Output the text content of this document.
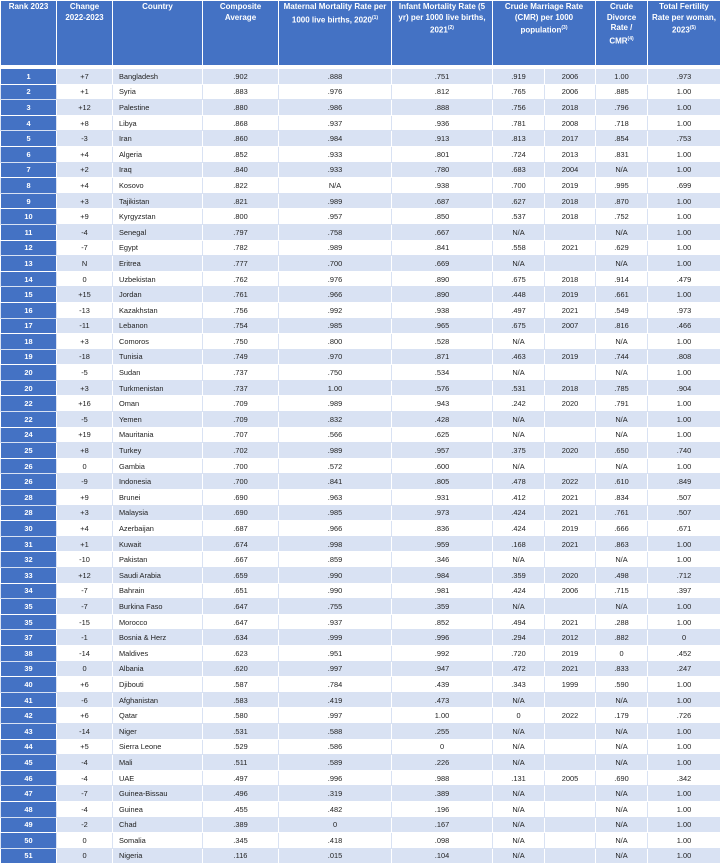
Rank 2023	Change 2022-2023	Country	Composite Average	Maternal Mortality Rate per 1000 live births, 2020$^{(1)}$	Infant Mortality Rate (5 yr) per 1000 live births, 2021$^{(2)}$	Crude Marriage Rate (CMR) per 1000 population$^{(3)}$		Crude Divorce Rate / CMR$^{(4)}$	Total Fertility Rate per woman, 2023$^{(5)}$

1	+7	Bangladesh	.902	.888	.751	.919	2006	1.00	.973
2	+1	Syria	.883	.976	.812	.765	2006	.885	1.00
3	+12	Palestine	.880	.986	.888	.756	2018	.796	1.00
4	+8	Libya	.868	.937	.936	.781	2008	.718	1.00
5	-3	Iran	.860	.984	.913	.813	2017	.854	.753
6	+4	Algeria	.852	.933	.801	.724	2013	.831	1.00
7	+2	Iraq	.840	.933	.780	.683	2004	N/A	1.00
8	+4	Kosovo	.822	N/A	.938	.700	2019	.995	.699
9	+3	Tajikistan	.821	.989	.687	.627	2018	.870	1.00
10	+9	Kyrgyzstan	.800	.957	.850	.537	2018	.752	1.00
11	-4	Senegal	.797	.758	.667	N/A		N/A	1.00
12	-7	Egypt	.782	.989	.841	.558	2021	.629	1.00
13	N	Eritrea	.777	.700	.669	N/A		N/A	1.00
14	0	Uzbekistan	.762	.976	.890	.675	2018	.914	.479
15	+15	Jordan	.761	.966	.890	.448	2019	.661	1.00
16	-13	Kazakhstan	.756	.992	.938	.497	2021	.549	.973
17	-11	Lebanon	.754	.985	.965	.675	2007	.816	.466
18	+3	Comoros	.750	.800	.528	N/A		N/A	1.00
19	-18	Tunisia	.749	.970	.871	.463	2019	.744	.808
20	-5	Sudan	.737	.750	.534	N/A		N/A	1.00
20	+3	Turkmenistan	.737	1.00	.576	.531	2018	.785	.904
22	+16	Oman	.709	.989	.943	.242	2020	.791	1.00
22	-5	Yemen	.709	.832	.428	N/A		N/A	1.00
24	+19	Mauritania	.707	.566	.625	N/A		N/A	1.00
25	+8	Turkey	.702	.989	.957	.375	2020	.650	.740
26	0	Gambia	.700	.572	.600	N/A		N/A	1.00
26	-9	Indonesia	.700	.841	.805	.478	2022	.610	.849
28	+9	Brunei	.690	.963	.931	.412	2021	.834	.507
28	+3	Malaysia	.690	.985	.973	.424	2021	.761	.507
30	+4	Azerbaijan	.687	.966	.836	.424	2019	.666	.671
31	+1	Kuwait	.674	.998	.959	.168	2021	.863	1.00
32	-10	Pakistan	.667	.859	.346	N/A		N/A	1.00
33	+12	Saudi Arabia	.659	.990	.984	.359	2020	.498	.712
34	-7	Bahrain	.651	.990	.981	.424	2006	.715	.397
35	-7	Burkina Faso	.647	.755	.359	N/A		N/A	1.00
35	-15	Morocco	.647	.937	.852	.494	2021	.288	1.00
37	-1	Bosnia & Herz	.634	.999	.996	.294	2012	.882	0
38	-14	Maldives	.623	.951	.992	.720	2019	0	.452
39	0	Albania	.620	.997	.947	.472	2021	.833	.247
40	+6	Djibouti	.587	.784	.439	.343	1999	.590	1.00
41	-6	Afghanistan	.583	.419	.473	N/A		N/A	1.00
42	+6	Qatar	.580	.997	1.00	0	2022	.179	.726
43	-14	Niger	.531	.588	.255	N/A		N/A	1.00
44	+5	Sierra Leone	.529	.586	0	N/A		N/A	1.00
45	-4	Mali	.511	.589	.226	N/A		N/A	1.00
46	-4	UAE	.497	.996	.988	.131	2005	.690	.342
47	-7	Guinea-Bissau	.496	.319	.389	N/A		N/A	1.00
48	-4	Guinea	.455	.482	.196	N/A		N/A	1.00
49	-2	Chad	.389	0	.167	N/A		N/A	1.00
50	0	Somalia	.345	.418	.098	N/A		N/A	1.00
51	0	Nigeria	.116	.015	.104	N/A		N/A	1.00
